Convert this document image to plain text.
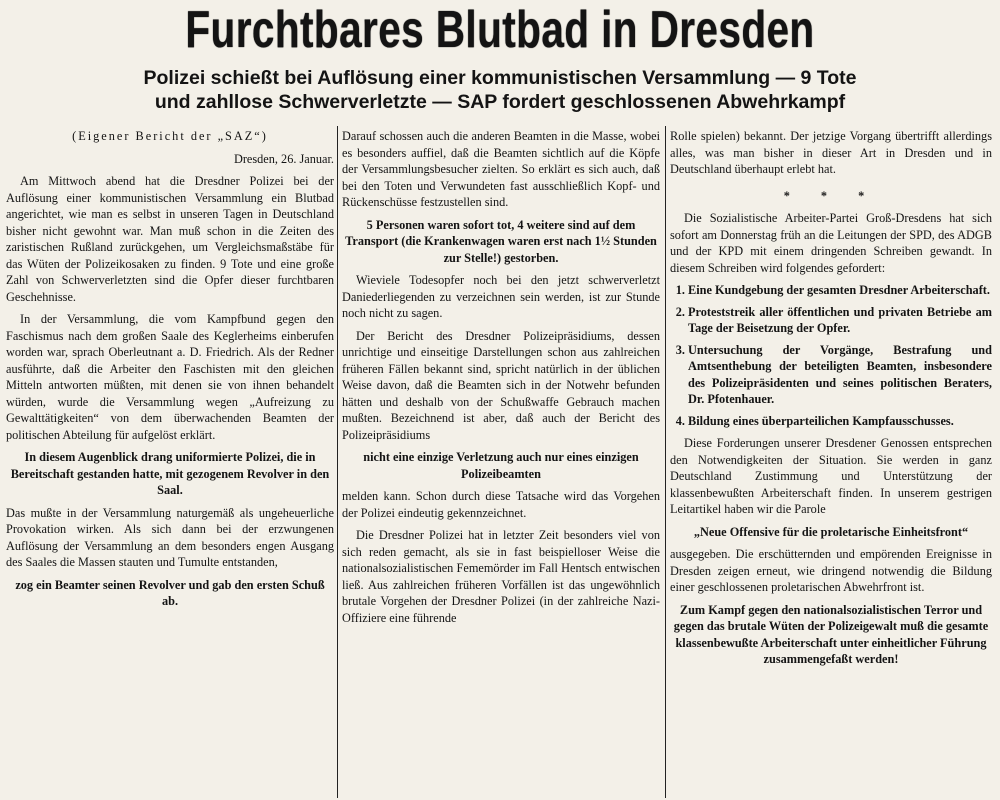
Furchtbares Blutbad in Dresden
Polizei schießt bei Auflösung einer kommunistischen Versammlung — 9 Tote
und zahllose Schwerverletzte — SAP fordert geschlossenen Abwehrkampf

(Eigener Bericht der „SAZ“)

Dresden, 26. Januar.

Am Mittwoch abend hat die Dresdner Polizei bei der Auflösung einer kommunistischen Versammlung ein Blutbad angerichtet, wie man es selbst in unseren Tagen in Deutschland bisher nicht gewohnt war. Man muß schon in die Zeiten des zaristischen Rußland zurückgehen, um Vergleichsmaßstäbe für das Wüten der Polizeikosaken zu finden. 9 Tote und eine große Zahl von Schwerverletzten sind die Opfer dieser furchtbaren Geschehnisse.

In der Versammlung, die vom Kampfbund gegen den Faschismus nach dem großen Saale des Keglerheims einberufen worden war, sprach Oberleutnant a. D. Friedrich. Als der Redner ausführte, daß die Arbeiter den Faschisten mit den gleichen Mitteln antworten müßten, mit denen sie von ihnen behandelt würden, wurde die Versammlung wegen „Aufreizung zu Gewalttätigkeiten“ von dem überwachenden Beamten der politischen Abteilung für aufgelöst erklärt.

In diesem Augenblick drang uniformierte Polizei, die in Bereitschaft gestanden hatte, mit gezogenem Revolver in den Saal.

Das mußte in der Versammlung naturgemäß als ungeheuerliche Provokation wirken. Als sich dann bei der erzwungenen Auflösung der Versammlung an dem besonders engen Ausgang des Saales die Massen stauten und Tumulte entstanden,

zog ein Beamter seinen Revolver und gab den ersten Schuß ab.

Darauf schossen auch die anderen Beamten in die Masse, wobei es besonders auffiel, daß die Beamten sichtlich auf die Köpfe der Versammlungsbesucher zielten. So erklärt es sich auch, daß bei den Toten und Verwundeten fast ausschließlich Kopf- und Rückenschüsse festzustellen sind.

5 Personen waren sofort tot, 4 weitere sind auf dem Transport (die Krankenwagen waren erst nach 1½ Stunden zur Stelle!) gestorben.

Wieviele Todesopfer noch bei den jetzt schwerverletzt Daniederliegenden zu verzeichnen sein werden, ist zur Stunde noch nicht zu sagen.

Der Bericht des Dresdner Polizeipräsidiums, dessen unrichtige und einseitige Darstellungen schon aus zahlreichen früheren Fällen bekannt sind, spricht natürlich in der üblichen Weise davon, daß die Beamten sich in der Notwehr befunden hätten und deshalb von der Schußwaffe Gebrauch machen mußten. Bezeichnend ist aber, daß auch der Bericht des Polizeipräsidiums

nicht eine einzige Verletzung auch nur eines einzigen Polizeibeamten

melden kann. Schon durch diese Tatsache wird das Vorgehen der Polizei eindeutig gekennzeichnet.

Die Dresdner Polizei hat in letzter Zeit besonders viel von sich reden gemacht, als sie in fast beispielloser Weise die nationalsozialistischen Fememörder im Fall Hentsch entwischen ließ. Aus zahlreichen früheren Vorfällen ist das ungewöhnlich brutale Vorgehen der Dresdner Polizei (in der zahlreiche Nazi-Offiziere eine führende

Rolle spielen) bekannt. Der jetzige Vorgang übertrifft allerdings alles, was man bisher in dieser Art in Dresden und in Deutschland überhaupt erlebt hat.

* * *

Die Sozialistische Arbeiter-Partei Groß-Dresdens hat sich sofort am Donnerstag früh an die Leitungen der SPD, des ADGB und der KPD mit einem dringenden Schreiben gewandt. In diesem Schreiben wird folgendes gefordert:

1. Eine Kundgebung der gesamten Dresdner Arbeiterschaft.
2. Proteststreik aller öffentlichen und privaten Betriebe am Tage der Beisetzung der Opfer.
3. Untersuchung der Vorgänge, Bestrafung und Amtsenthebung der beteiligten Beamten, insbesondere des Polizeipräsidenten und seines politischen Beraters, Dr. Pfotenhauer.
4. Bildung eines überparteilichen Kampfausschusses.

Diese Forderungen unserer Dresdener Genossen entsprechen den Notwendigkeiten der Situation. Sie werden in ganz Deutschland Zustimmung und Unterstützung der klassenbewußten Arbeiterschaft finden. In unserem gestrigen Leitartikel haben wir die Parole

„Neue Offensive für die proletarische Einheitsfront“

ausgegeben. Die erschütternden und empörenden Ereignisse in Dresden zeigen erneut, wie dringend notwendig die Bildung einer geschlossenen proletarischen Abwehrfront ist.

Zum Kampf gegen den nationalsozialistischen Terror und gegen das brutale Wüten der Polizeigewalt muß die gesamte klassenbewußte Arbeiterschaft unter einheitlicher Führung zusammengefaßt werden!
